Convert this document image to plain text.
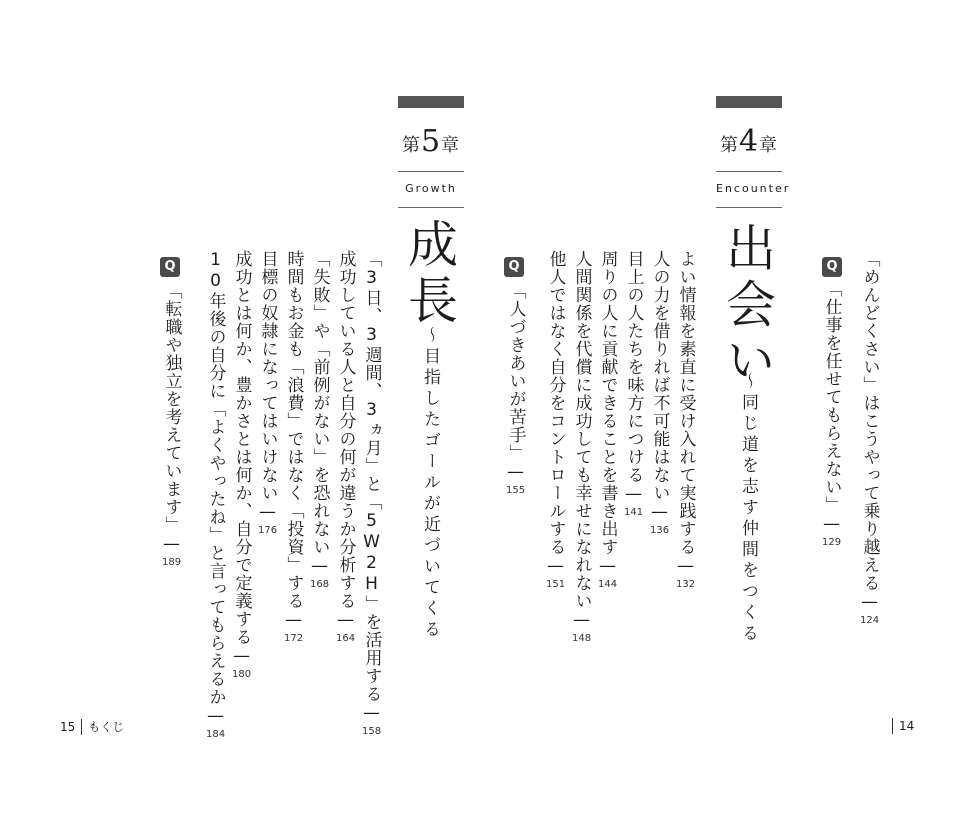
Q 「めんどくさい」はこうやって乗り越える—124
「仕事を任せてもらえない」—129
第4章
Encounter
出会い
〜同じ道を志す仲間をつくる
よい情報を素直に受け入れて実践する—132
人の力を借りれば不可能はない—136
目上の人たちを味方につける—141
周りの人に貢献できることを書き出す—144
人間関係を代償に成功しても幸せになれない—148
他人ではなく自分をコントロールする—151
Q
「人づきあいが苦手」—155
第5章
Growth
成長
〜目指したゴールが近づいてくる
「3日、3週間、3ヵ月」と「5W2H」を活用する—158
成功している人と自分の何が違うか分析する—164
「失敗」や「前例がない」を恐れない—168
時間もお金も「浪費」ではなく「投資」する—172
目標の奴隷になってはいけない—176
成功とは何か、豊かさとは何か、自分で定義する—180
10年後の自分に「よくやったね」と言ってもらえるか—184
Q
「転職や独立を考えています」—189
15 もくじ	14
